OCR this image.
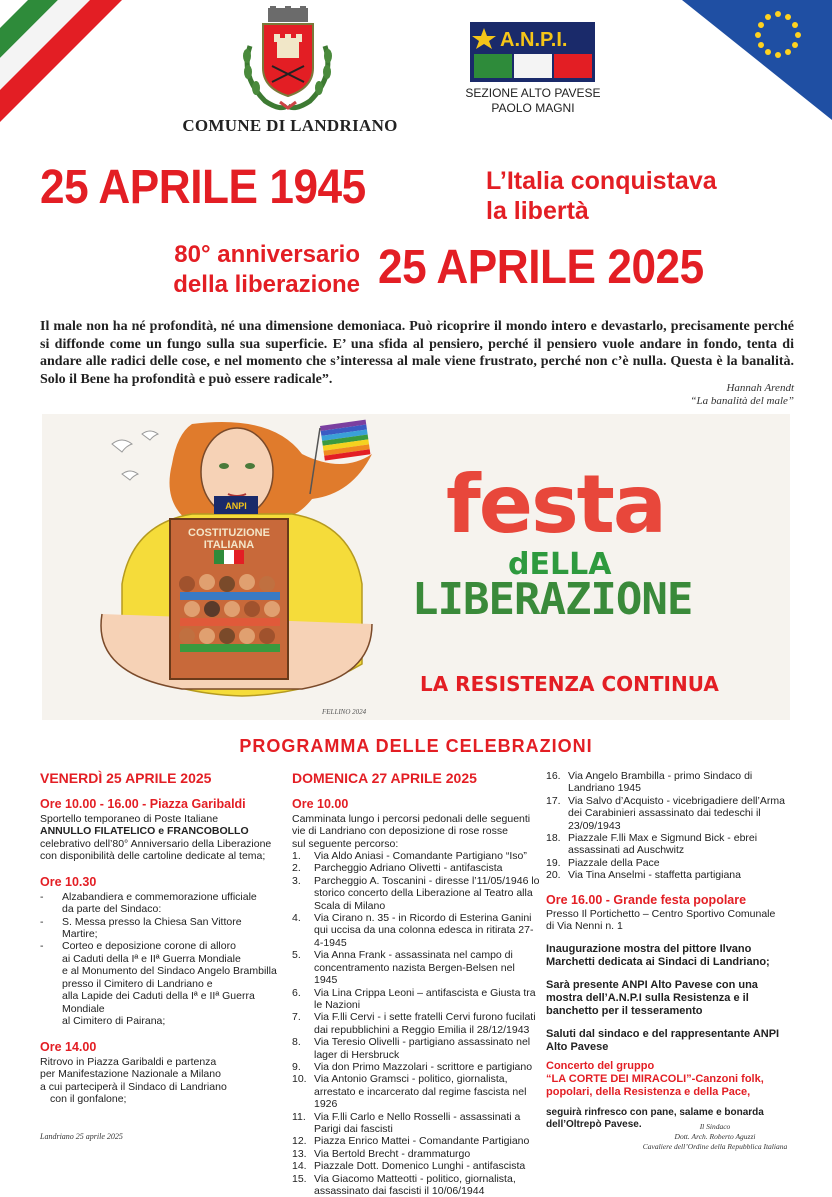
COMUNE DI LANDRIANO
A.N.P.I.
SEZIONE ALTO PAVESE
PAOLO MAGNI
25 APRILE 1945	L’Italia conquistava
la libertà
80° anniversario
della liberazione 25 APRILE 2025
Il male non ha né profondità, né una dimensione demoniaca. Può ricoprire il mondo intero e devastarlo, precisamente perché si diffonde come un fungo sulla sua superficie. E’ una sfida al pensiero, perché il pensiero vuole andare in fondo, tenta di andare alle radici delle cose, e nel momento che s’interessa al male viene frustrato, perché non c’è nulla. Questa è la banalità. Solo il Bene ha profondità e può essere radicale”.
Hannah Arendt
“La banalità del male”
COSTITUZIONE
ITALIANA
ANPI
FELLINO 2024
festa
dELLA
LIBERAZIONE
LA RESISTENZA CONTINUA
PROGRAMMA DELLE CELEBRAZIONI
VENERDÌ 25 APRILE 2025
Ore 10.00 - 16.00 - Piazza Garibaldi
Sportello temporaneo di Poste Italiane
ANNULLO FILATELICO e FRANCOBOLLO
celebrativo dell’80° Anniversario della Liberazione
con disponibilità delle cartoline dedicate al tema;
Ore 10.30
-	Alzabandiera e commemorazione ufficiale
da parte del Sindaco:
-	S. Messa presso la Chiesa San Vittore Martire;
-	Corteo e deposizione corone di alloro
ai Caduti della Iª e IIª Guerra Mondiale
e al Monumento del Sindaco Angelo Brambilla
presso il Cimitero di Landriano e
alla Lapide dei Caduti della Iª e IIª Guerra Mondiale
al Cimitero di Pairana;
Ore 14.00
Ritrovo in Piazza Garibaldi e partenza
per Manifestazione Nazionale a Milano
a cui parteciperà il Sindaco di Landriano
con il gonfalone;
DOMENICA 27 APRILE 2025
Ore 10.00
Camminata lungo i percorsi pedonali delle seguenti
vie di Landriano con deposizione di rose rosse
sul seguente percorso:
1.	Via Aldo Aniasi - Comandante Partigiano “Iso”
2.	Parcheggio Adriano Olivetti - antifascista
3.	Parcheggio A. Toscanini - diresse l’11/05/1946 lo storico concerto della Liberazione al Teatro alla Scala di Milano
4.	Via Cirano n. 35 - in Ricordo di Esterina Ganini qui uccisa da una colonna edesca in ritirata 27-4-1945
5.	Via Anna Frank - assassinata nel campo di concentramento nazista Bergen-Belsen nel 1945
6.	Via Lina Crippa Leoni – antifascista e Giusta tra le Nazioni
7.	Via F.lli Cervi - i sette fratelli Cervi furono fucilati dai repubblichini a Reggio Emilia il 28/12/1943
8.	Via Teresio Olivelli - partigiano assassinato nel lager di Hersbruck
9.	Via don Primo Mazzolari - scrittore e partigiano
10. Via Antonio Gramsci - politico, giornalista, arrestato e incarcerato dal regime fascista nel 1926
11. Via F.lli Carlo e Nello Rosselli - assassinati a Parigi dai fascisti
12. Piazza Enrico Mattei - Comandante Partigiano
13. Via Bertold Brecht - drammaturgo
14. Piazzale Dott. Domenico Lunghi - antifascista
15. Via Giacomo Matteotti - politico, giornalista, assassinato dai fascisti il 10/06/1944
16. Via Angelo Brambilla - primo Sindaco di Landriano 1945
17. Via Salvo d’Acquisto - vicebrigadiere dell’Arma dei Carabinieri assassinato dai tedeschi il 23/09/1943
18. Piazzale F.lli Max e Sigmund Bick - ebrei assassinati ad Auschwitz
19. Piazzale della Pace
20. Via Tina Anselmi - staffetta partigiana
Ore 16.00 - Grande festa popolare
Presso Il Portichetto – Centro Sportivo Comunale
di Via Nenni n. 1
Inaugurazione mostra del pittore Ilvano Marchetti dedicata ai Sindaci di Landriano;
Sarà presente ANPI Alto Pavese con una mostra dell’A.N.P.I sulla Resistenza e il banchetto per il tesseramento
Saluti dal sindaco e del rappresentante ANPI Alto Pavese
Concerto del gruppo
“LA CORTE DEI MIRACOLI”-Canzoni folk, popolari, della Resistenza e della Pace,
seguirà rinfresco con pane, salame e bonarda dell’Oltrepò Pavese.
Landriano 25 aprile 2025
Il Sindaco
Dott. Arch. Roberto Aguzzi
Cavaliere dell’Ordine della Repubblica Italiana
